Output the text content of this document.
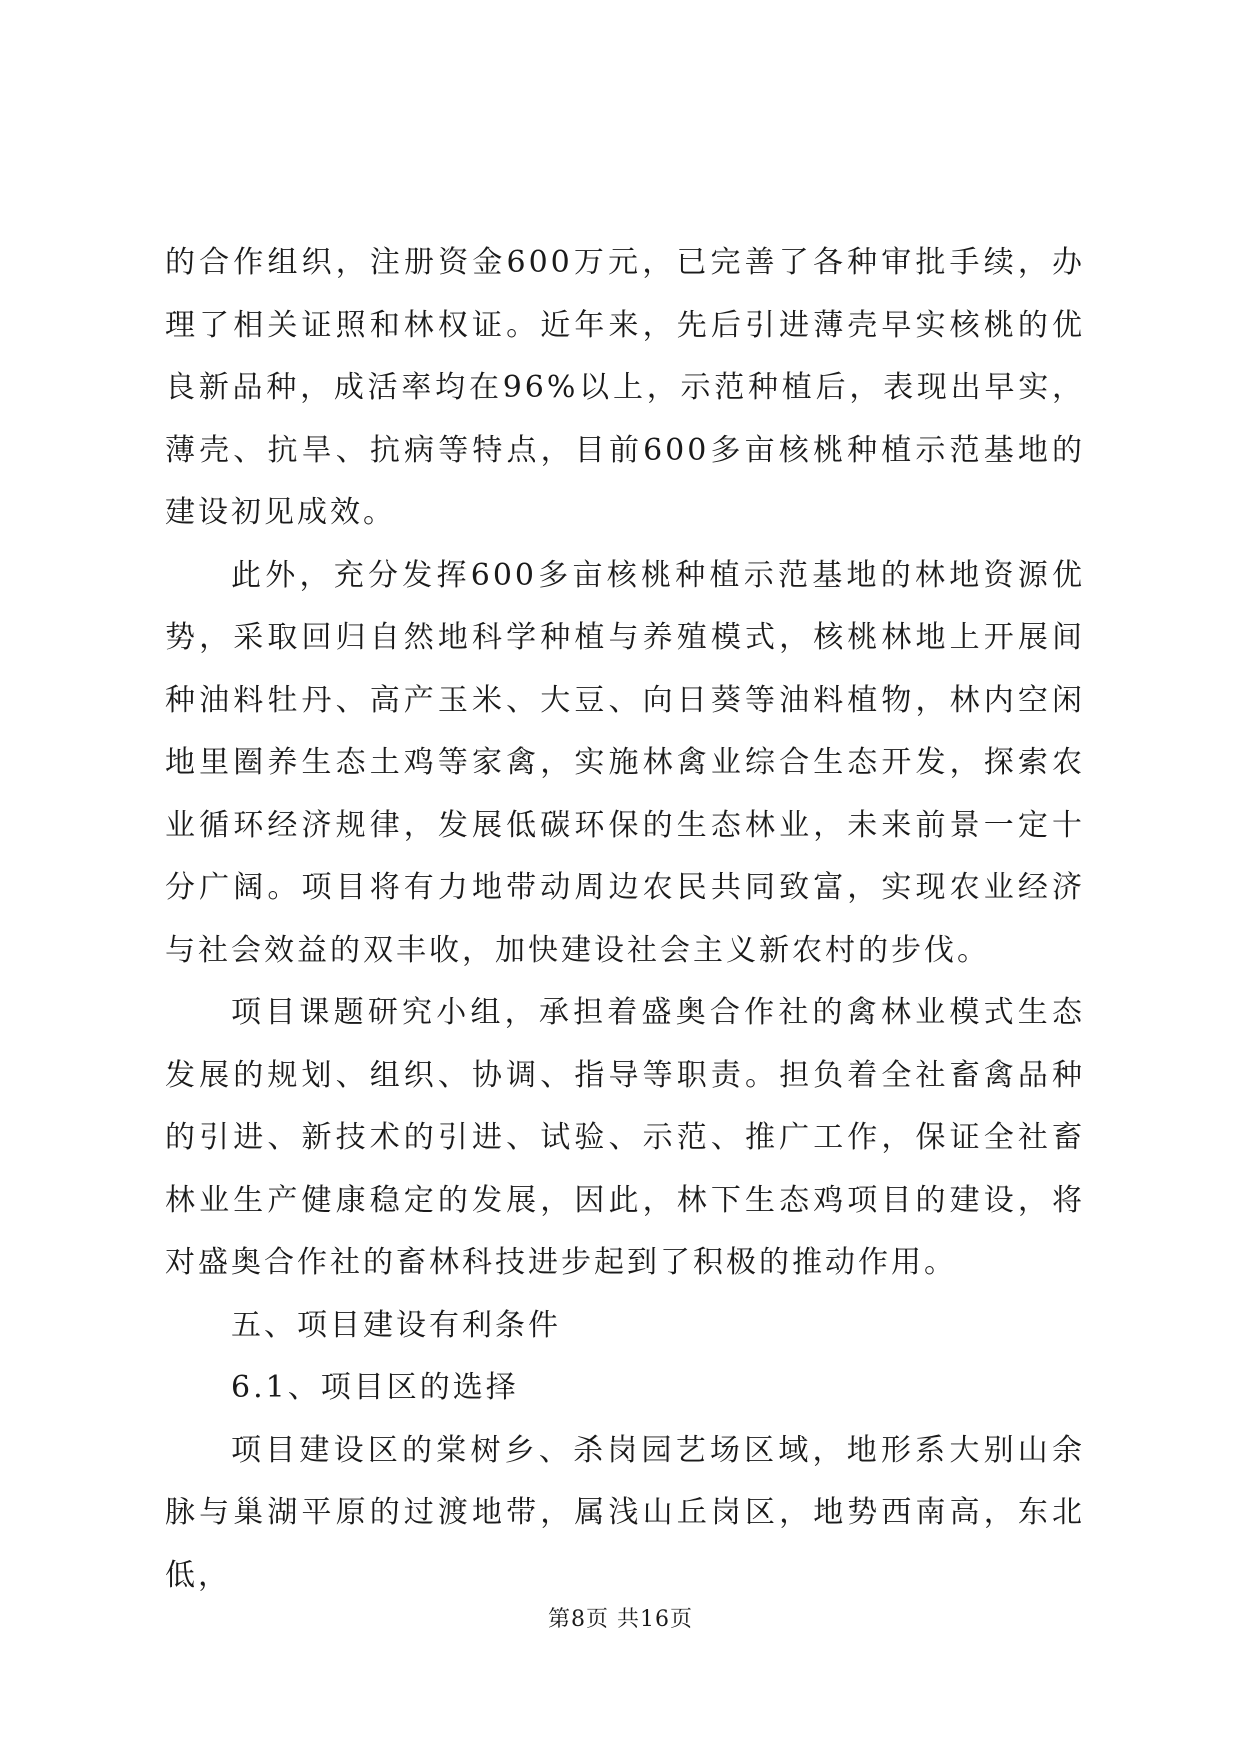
的合作组织，注册资金600万元，已完善了各种审批手续，办理了相关证照和林权证。近年来，先后引进薄壳早实核桃的优良新品种，成活率均在96%以上，示范种植后，表现出早实，薄壳、抗旱、抗病等特点，目前600多亩核桃种植示范基地的建设初见成效。

此外，充分发挥600多亩核桃种植示范基地的林地资源优势，采取回归自然地科学种植与养殖模式，核桃林地上开展间种油料牡丹、高产玉米、大豆、向日葵等油料植物，林内空闲地里圈养生态土鸡等家禽，实施林禽业综合生态开发，探索农业循环经济规律，发展低碳环保的生态林业，未来前景一定十分广阔。项目将有力地带动周边农民共同致富，实现农业经济与社会效益的双丰收，加快建设社会主义新农村的步伐。

项目课题研究小组，承担着盛奥合作社的禽林业模式生态发展的规划、组织、协调、指导等职责。担负着全社畜禽品种的引进、新技术的引进、试验、示范、推广工作，保证全社畜林业生产健康稳定的发展，因此，林下生态鸡项目的建设，将对盛奥合作社的畜林科技进步起到了积极的推动作用。

五、项目建设有利条件

6.1、项目区的选择

项目建设区的棠树乡、杀岗园艺场区域，地形系大别山余脉与巢湖平原的过渡地带，属浅山丘岗区，地势西南高，东北低，

第8页 共16页
